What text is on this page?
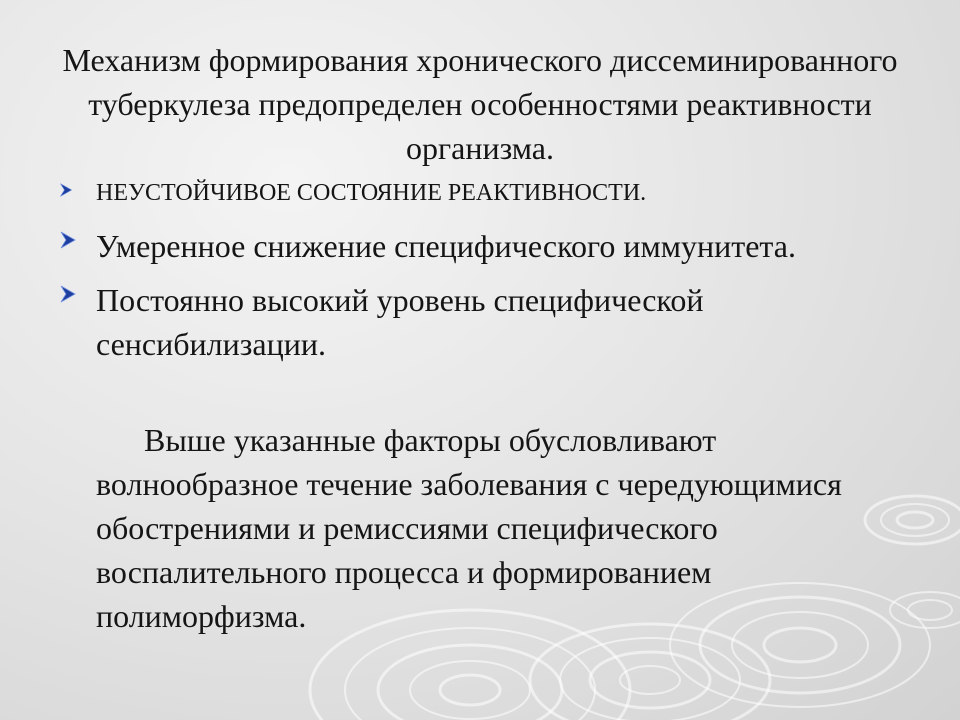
Механизм формирования хронического диссеминированного туберкулеза предопределен особенностями реактивности организма.
НЕУСТОЙЧИВОЕ СОСТОЯНИЕ РЕАКТИВНОСТИ.
Умеренное снижение специфического иммунитета.
Постоянно высокий уровень специфической сенсибилизации.

Выше указанные факторы обусловливают волнообразное течение заболевания с чередующимися обострениями и ремиссиями специфического воспалительного процесса и формированием полиморфизма.
